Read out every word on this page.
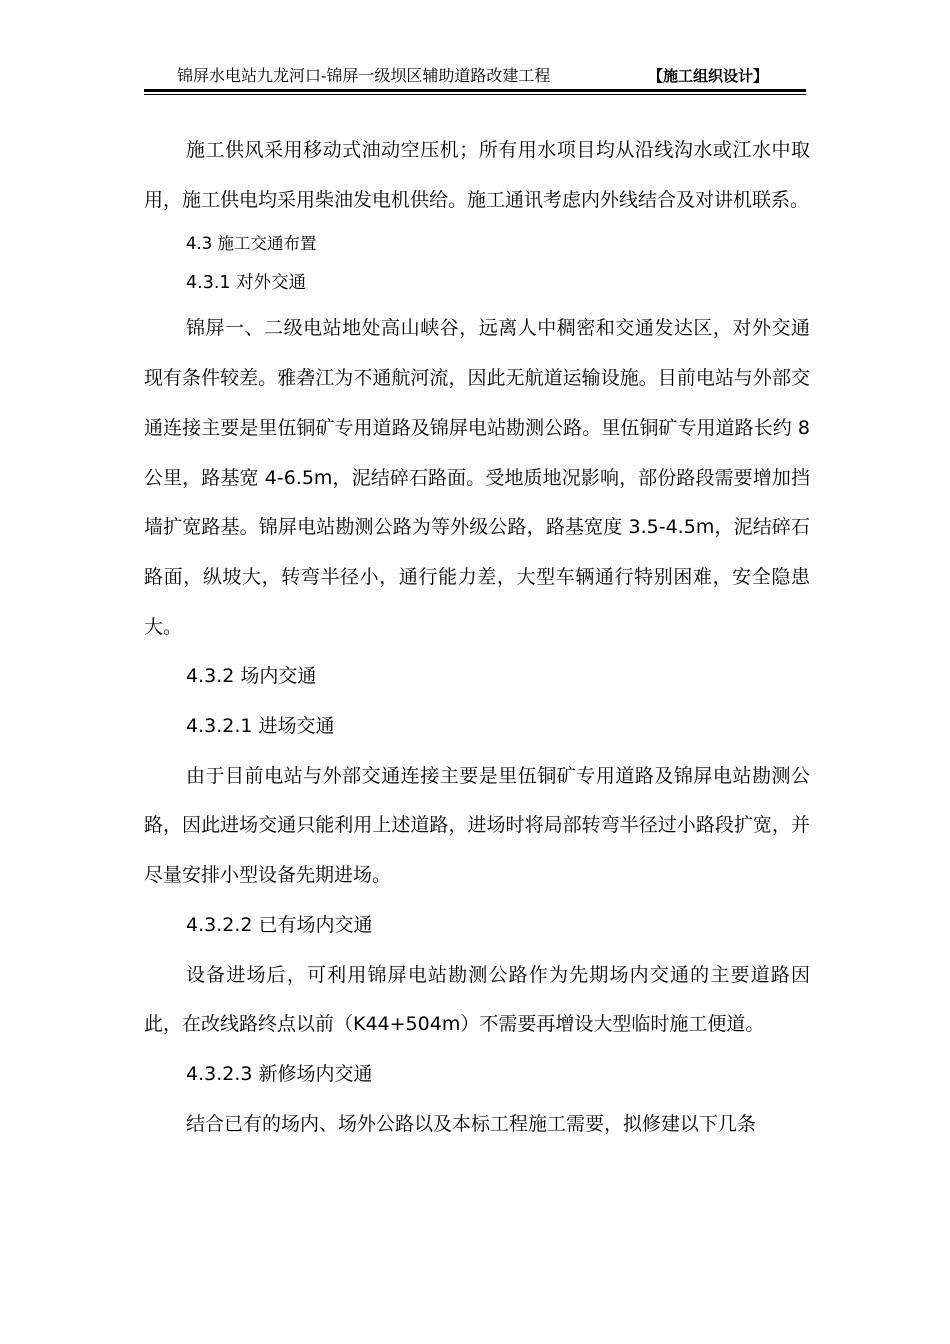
锦屏水电站九龙河口-锦屏一级坝区辅助道路改建工程	【施工组织设计】

施工供风采用移动式油动空压机；所有用水项目均从沿线沟水或江水中取用，施工供电均采用柴油发电机供给。施工通讯考虑内外线结合及对讲机联系。

4.3 施工交通布置

4.3.1 对外交通

锦屏一、二级电站地处高山峡谷，远离人中稠密和交通发达区，对外交通现有条件较差。雅砻江为不通航河流，因此无航道运输设施。目前电站与外部交通连接主要是里伍铜矿专用道路及锦屏电站勘测公路。里伍铜矿专用道路长约 8 公里，路基宽 4-6.5m，泥结碎石路面。受地质地况影响，部份路段需要增加挡墙扩宽路基。锦屏电站勘测公路为等外级公路，路基宽度 3.5-4.5m，泥结碎石路面，纵坡大，转弯半径小，通行能力差，大型车辆通行特别困难，安全隐患大。

4.3.2 场内交通

4.3.2.1 进场交通

由于目前电站与外部交通连接主要是里伍铜矿专用道路及锦屏电站勘测公路，因此进场交通只能利用上述道路，进场时将局部转弯半径过小路段扩宽，并尽量安排小型设备先期进场。

4.3.2.2 已有场内交通

设备进场后，可利用锦屏电站勘测公路作为先期场内交通的主要道路因此，在改线路终点以前（K44+504m）不需要再增设大型临时施工便道。

4.3.2.3 新修场内交通

结合已有的场内、场外公路以及本标工程施工需要，拟修建以下几条
